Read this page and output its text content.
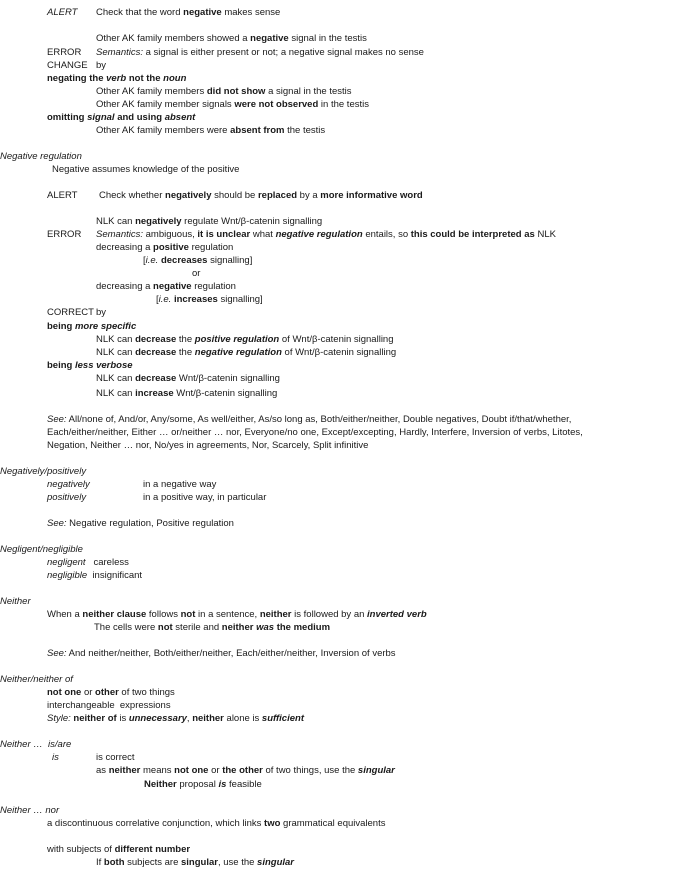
ALERT Check that the word negative makes sense
Other AK family members showed a negative signal in the testis
ERROR Semantics: a signal is either present or not; a negative signal makes no sense
CHANGE by
negating the verb not the noun
Other AK family members did not show a signal in the testis
Other AK family member signals were not observed in the testis
omitting signal and using absent
Other AK family members were absent from the testis
Negative regulation
Negative assumes knowledge of the positive
ALERT Check whether negatively should be replaced by a more informative word
NLK can negatively regulate Wnt/β-catenin signalling
ERROR Semantics: ambiguous, it is unclear what negative regulation entails, so this could be interpreted as NLK
decreasing a positive regulation
[i.e. decreases signalling]
or
decreasing a negative regulation
[i.e. increases signalling]
CORRECT by
being more specific
NLK can decrease the positive regulation of Wnt/β-catenin signalling
NLK can decrease the negative regulation of Wnt/β-catenin signalling
being less verbose
NLK can decrease Wnt/β-catenin signalling
NLK can increase Wnt/β-catenin signalling
See: All/none of, And/or, Any/some, As well/either, As/so long as, Both/either/neither, Double negatives, Doubt if/that/whether,
Each/either/neither, Either … or/neither … nor, Everyone/no one, Except/excepting, Hardly, Interfere, Inversion of verbs, Litotes,
Negation, Neither … nor, No/yes in agreements, Nor, Scarcely, Split infinitive
Negatively/positively
negatively	in a negative way
positively	in a positive way, in particular
See: Negative regulation, Positive regulation
Negligent/negligible
negligent   careless
negligible  insignificant
Neither
When a neither clause follows not in a sentence, neither is followed by an inverted verb
The cells were not sterile and neither was the medium
See: And neither/neither, Both/either/neither, Each/either/neither, Inversion of verbs
Neither/neither of
not one or other of two things
interchangeable  expressions
Style: neither of is unnecessary, neither alone is sufficient
Neither …  is/are
is	is correct
as neither means not one or the other of two things, use the singular
Neither proposal is feasible
Neither … nor
a discontinuous correlative conjunction, which links two grammatical equivalents
with subjects of different number
If both subjects are singular, use the singular
